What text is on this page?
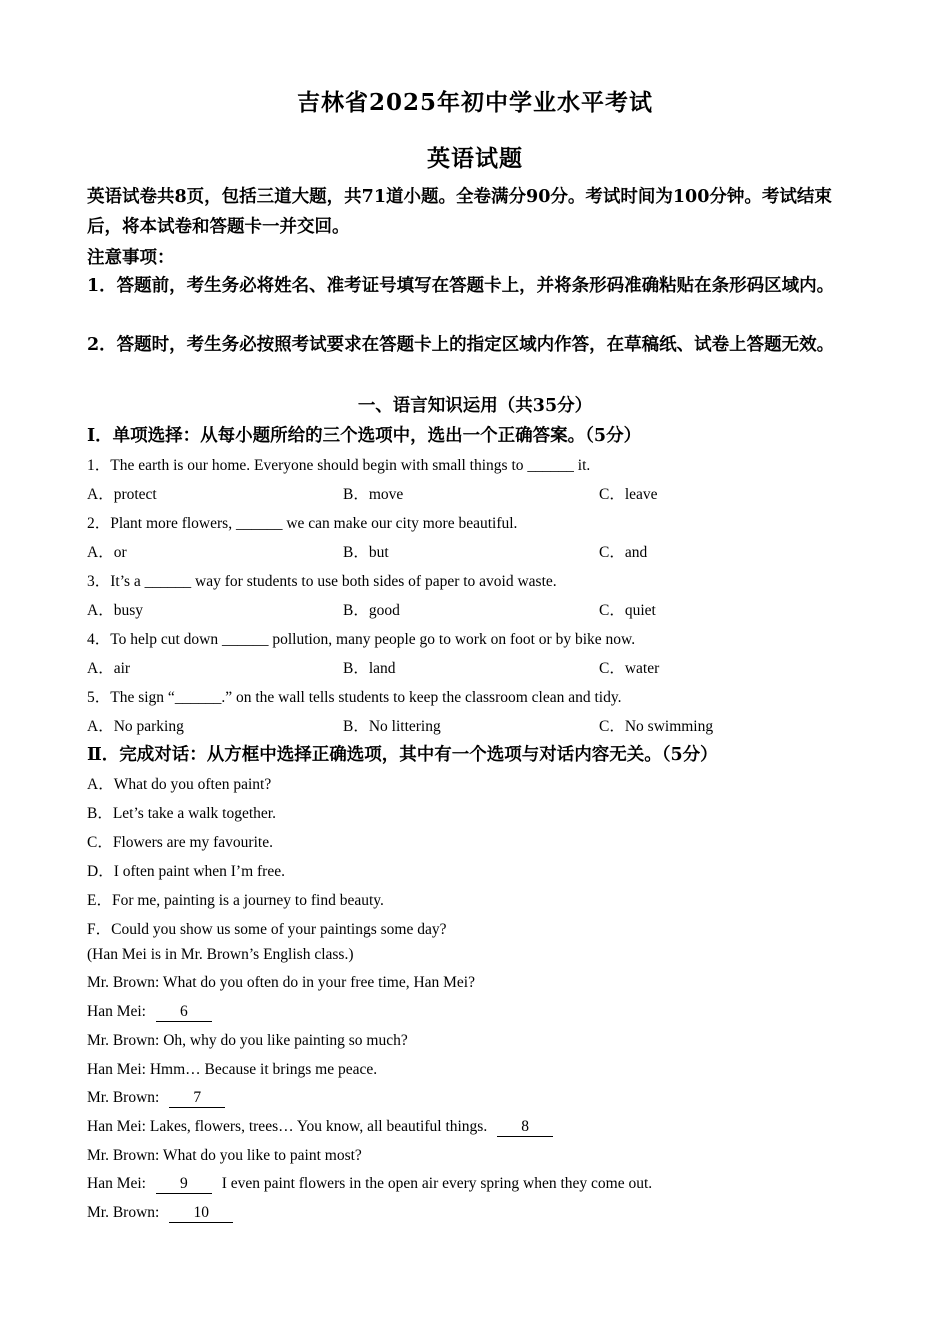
吉林省2025年初中学业水平考试
英语试题
英语试卷共8页，包括三道大题，共71道小题。全卷满分90分。考试时间为100分钟。考试结束后，将本试卷和答题卡一并交回。
注意事项：
1．答题前，考生务必将姓名、准考证号填写在答题卡上，并将条形码准确粘贴在条形码区域内。
2．答题时，考生务必按照考试要求在答题卡上的指定区域内作答，在草稿纸、试卷上答题无效。
一、语言知识运用（共35分）
Ⅰ．单项选择：从每小题所给的三个选项中，选出一个正确答案。（5分）
1．The earth is our home. Everyone should begin with small things to ______ it.
A．protect	B．move	C．leave
2．Plant more flowers, ______ we can make our city more beautiful.
A．or	B．but	C．and
3．It’s a ______ way for students to use both sides of paper to avoid waste.
A．busy	B．good	C．quiet
4．To help cut down ______ pollution, many people go to work on foot or by bike now.
A．air	B．land	C．water
5．The sign “______.” on the wall tells students to keep the classroom clean and tidy.
A．No parking	B．No littering	C．No swimming
Ⅱ．完成对话：从方框中选择正确选项，其中有一个选项与对话内容无关。（5分）
A．What do you often paint?
B．Let’s take a walk together.
C．Flowers are my favourite.
D．I often paint when I’m free.
E．For me, painting is a journey to find beauty.
F．Could you show us some of your paintings some day?
(Han Mei is in Mr. Brown’s English class.)
Mr. Brown: What do you often do in your free time, Han Mei?
Han Mei: 6
Mr. Brown: Oh, why do you like painting so much?
Han Mei: Hmm… Because it brings me peace.
Mr. Brown: 7
Han Mei: Lakes, flowers, trees… You know, all beautiful things. 8
Mr. Brown: What do you like to paint most?
Han Mei: 9 I even paint flowers in the open air every spring when they come out.
Mr. Brown: 10
